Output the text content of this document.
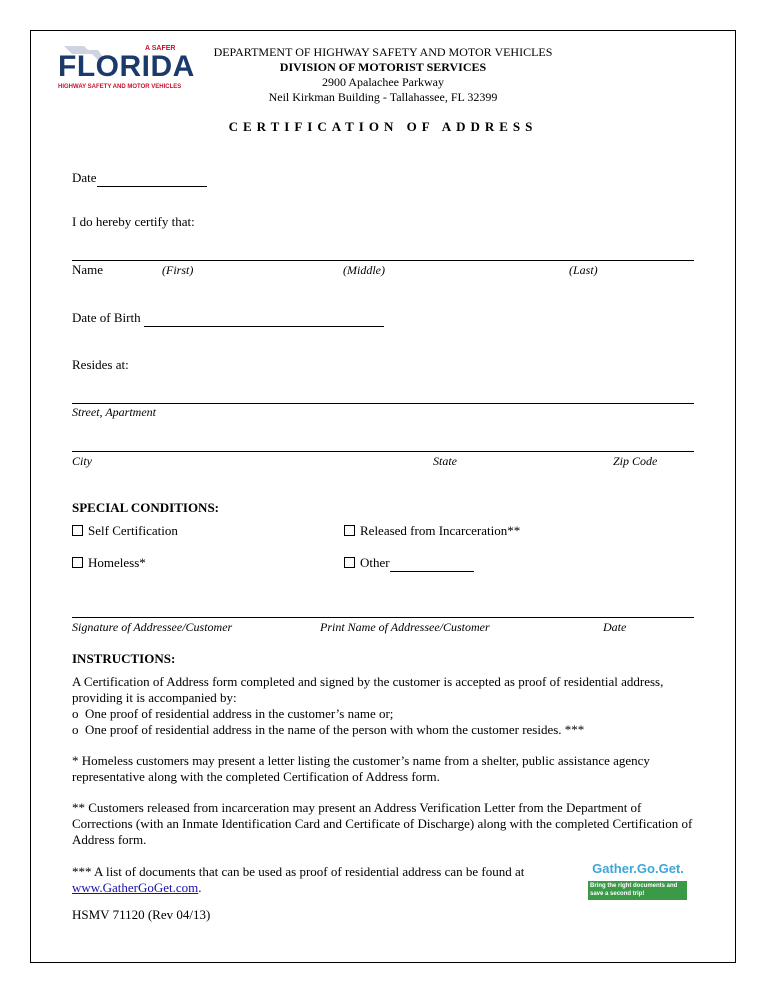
A SAFER
FLORIDA
HIGHWAY SAFETY AND MOTOR VEHICLES
DEPARTMENT OF HIGHWAY SAFETY AND MOTOR VEHICLES
DIVISION OF MOTORIST SERVICES
2900 Apalachee Parkway
Neil Kirkman Building - Tallahassee, FL 32399
CERTIFICATION OF ADDRESS
Date
I do hereby certify that:
Name	(First)	(Middle)	(Last)
Date of Birth
Resides at:
Street, Apartment
City	State	Zip Code
SPECIAL CONDITIONS:
Self Certification	Released from Incarceration**
Homeless*	Other
Signature of Addressee/Customer	Print Name of Addressee/Customer	Date
INSTRUCTIONS:
A Certification of Address form completed and signed by the customer is accepted as proof of residential address, providing it is accompanied by:
o One proof of residential address in the customer’s name or;
o One proof of residential address in the name of the person with whom the customer resides. ***
* Homeless customers may present a letter listing the customer’s name from a shelter, public assistance agency representative along with the completed Certification of Address form.
** Customers released from incarceration may present an Address Verification Letter from the Department of Corrections (with an Inmate Identification Card and Certificate of Discharge) along with the completed Certification of Address form.
*** A list of documents that can be used as proof of residential address can be found at
www.GatherGoGet.com.
Gather.Go.Get.
Bring the right documents and save a second trip!
HSMV 71120 (Rev 04/13)
